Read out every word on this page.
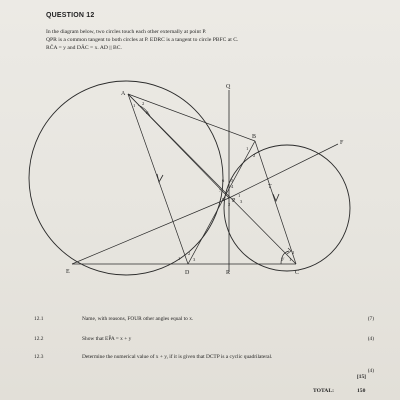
QUESTION 12
In the diagram below, two circles touch each other externally at point P.
QPR is a common tangent to both circles at P. EDRC is a tangent to circle PBFC at C.
RĈA = y and DÂC = x. AD || BC.
A
B
F
Q
E	D	R	C
T
P
1 2
x
1
2
6 5
7
4
8
1
2
3
1
2
3	1
2
y
12.1	Name, with reasons, FOUR other angles equal to x.	(7)
12.2	Show that EP̂A = x + y	(4)
12.3	Determine the numerical value of x + y, if it is given that DCTP is a cyclic quadrilateral.
(4)
[15]
TOTAL:	150
